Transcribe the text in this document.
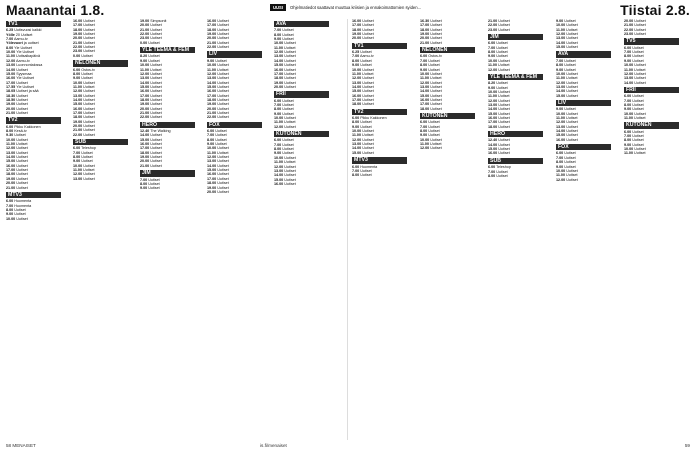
Maanantai 1.8.	UUSI	Ohjelmatiedot saattavat muuttua kriisien ja ennakoimattomien syiden...	Tiistai 2.8.
TV1
6.25 Uutisvuosi kaikki
Yölle 20 Uutiset
7.00 Aamu-tv
Yölevuori ja uutiset
8.00 Yle Uutiset
10.00 Yle Uutiset
11.00 Uutisaikapäivä
12.00 Aamu-tv
13.00 Luonnontalossa
14.00 Uutiset
15.00 Syysmaa
16.00 Yle Uutiset
17.00 Uutiset
17.55 Yle Uutiset
18.05 Uutiset ja sää
18.30 Uutiset
18.50 Uutiset
19.00 Uutiset
20.00 Uutiset
21.00 Uutiset
TV2
6.00 Pikku Kakkonen
8.00 Kesä-tv
9.30 Uutiset
10.00 Uutiset
11.00 Uutiset
12.00 Uutiset
13.00 Uutiset
14.00 Uutiset
15.00 Uutiset
16.00 Uutiset
17.00 Uutiset
18.00 Uutiset
19.00 Uutiset
20.00 Uutiset
21.00 Uutiset
MTV3
6.00 Huomenta
7.00 Huomenta
8.00 Uutiset
9.00 Uutiset
10.00 Uutiset
16.00 Uutiset
17.00 Uutiset
18.00 Uutiset
19.00 Uutiset
20.00 Uutiset
21.00 Uutiset
22.00 Uutiset
23.00 Uutiset
0.00 Uutiset
NELONEN
6.00 Ostos-tv
8.00 Uutiset
9.00 Uutiset
10.00 Uutiset
11.00 Uutiset
12.00 Uutiset
13.00 Uutiset
14.00 Uutiset
15.00 Uutiset
16.00 Uutiset
17.00 Uutiset
18.00 Uutiset
19.00 Uutiset
20.00 Uutiset
21.00 Uutiset
22.00 Uutiset
SUB
6.00 Teleshop
7.00 Uutiset
8.00 Uutiset
9.00 Uutiset
10.00 Uutiset
11.00 Uutiset
12.00 Uutiset
13.00 Uutiset
19.00 Simpsonit
20.00 Uutiset
21.00 Uutiset
22.00 Uutiset
23.00 Uutiset
0.00 Uutiset
YLE TEEMA & FEM
8.20 Uutiset
9.00 Uutiset
10.00 Uutiset
11.00 Uutiset
12.00 Uutiset
13.00 Uutiset
14.00 Uutiset
15.00 Uutiset
16.00 Uutiset
17.00 Uutiset
18.00 Uutiset
19.00 Uutiset
20.00 Uutiset
21.00 Uutiset
22.00 Uutiset
HERO
12.40 The Walking
14.00 Uutiset
15.00 Uutiset
16.00 Uutiset
17.00 Uutiset
18.00 Uutiset
19.00 Uutiset
20.00 Uutiset
21.00 Uutiset
JIM
7.00 Uutiset
8.00 Uutiset
9.00 Uutiset
16.00 Uutiset
17.00 Uutiset
18.00 Uutiset
19.00 Uutiset
20.00 Uutiset
21.00 Uutiset
22.00 Uutiset
LIV
9.00 Uutiset
10.00 Uutiset
11.00 Uutiset
12.00 Uutiset
13.00 Uutiset
14.00 Uutiset
15.00 Uutiset
16.00 Uutiset
17.00 Uutiset
18.00 Uutiset
19.00 Uutiset
20.00 Uutiset
21.00 Uutiset
22.00 Uutiset
FOX
6.00 Uutiset
7.00 Uutiset
8.00 Uutiset
9.00 Uutiset
10.00 Uutiset
11.00 Uutiset
12.00 Uutiset
13.00 Uutiset
14.00 Uutiset
15.00 Uutiset
16.00 Uutiset
17.00 Uutiset
18.00 Uutiset
19.00 Uutiset
20.00 Uutiset
AVA
7.00 Uutiset
8.00 Uutiset
9.00 Uutiset
10.00 Uutiset
11.00 Uutiset
12.00 Uutiset
13.00 Uutiset
14.00 Uutiset
15.00 Uutiset
16.00 Uutiset
17.00 Uutiset
18.00 Uutiset
19.00 Uutiset
20.00 Uutiset
FRII
6.00 Uutiset
7.00 Uutiset
8.00 Uutiset
9.00 Uutiset
10.00 Uutiset
11.00 Uutiset
12.00 Uutiset
KUTONEN
6.00 Uutiset
7.00 Uutiset
8.00 Uutiset
9.00 Uutiset
10.00 Uutiset
11.00 Uutiset
12.00 Uutiset
13.00 Uutiset
14.00 Uutiset
15.00 Uutiset
16.00 Uutiset
16.00 Uutiset
17.00 Uutiset
18.00 Uutiset
19.00 Uutiset
20.00 Uutiset
TV1
6.25 Uutiset
7.00 Aamu-tv
8.00 Uutiset
9.00 Uutiset
10.00 Uutiset
11.00 Uutiset
12.00 Uutiset
13.00 Uutiset
14.00 Uutiset
15.00 Uutiset
16.00 Uutiset
17.00 Uutiset
18.00 Uutiset
TV2
6.00 Pikku Kakkonen
8.00 Uutiset
9.00 Uutiset
10.00 Uutiset
11.00 Uutiset
12.00 Uutiset
13.00 Uutiset
14.00 Uutiset
15.00 Uutiset
MTV3
6.00 Huomenta
7.00 Uutiset
8.00 Uutiset
16.30 Uutiset
17.00 Uutiset
18.00 Uutiset
19.00 Uutiset
20.00 Uutiset
21.00 Uutiset
NELONEN
6.00 Ostos-tv
7.00 Uutiset
8.00 Uutiset
9.00 Uutiset
10.00 Uutiset
11.00 Uutiset
12.00 Uutiset
13.00 Uutiset
14.00 Uutiset
15.00 Uutiset
16.00 Uutiset
17.00 Uutiset
18.00 Uutiset
KUTONEN
6.00 Uutiset
7.00 Uutiset
8.00 Uutiset
9.00 Uutiset
10.00 Uutiset
11.00 Uutiset
12.00 Uutiset
21.00 Uutiset
22.00 Uutiset
23.00 Uutiset
JIM
6.00 Uutiset
7.00 Uutiset
8.00 Uutiset
9.00 Uutiset
10.00 Uutiset
11.00 Uutiset
12.00 Uutiset
YLE TEEMA & FEM
8.20 Uutiset
9.00 Uutiset
10.00 Uutiset
11.00 Uutiset
12.00 Uutiset
13.00 Uutiset
14.00 Uutiset
15.00 Uutiset
16.00 Uutiset
17.00 Uutiset
18.00 Uutiset
HERO
12.40 Uutiset
14.00 Uutiset
15.00 Uutiset
16.00 Uutiset
SUB
6.00 Teleshop
7.00 Uutiset
8.00 Uutiset
9.00 Uutiset
10.00 Uutiset
11.00 Uutiset
12.00 Uutiset
13.00 Uutiset
14.00 Uutiset
15.00 Uutiset
AVA
7.00 Uutiset
8.00 Uutiset
9.00 Uutiset
10.00 Uutiset
11.00 Uutiset
12.00 Uutiset
13.00 Uutiset
14.00 Uutiset
15.00 Uutiset
LIV
9.00 Uutiset
10.00 Uutiset
11.00 Uutiset
12.00 Uutiset
13.00 Uutiset
14.00 Uutiset
15.00 Uutiset
16.00 Uutiset
FOX
6.00 Uutiset
7.00 Uutiset
8.00 Uutiset
9.00 Uutiset
10.00 Uutiset
11.00 Uutiset
12.00 Uutiset
20.00 Uutiset
21.00 Uutiset
22.00 Uutiset
23.00 Uutiset
TV5
6.00 Uutiset
7.00 Uutiset
8.00 Uutiset
9.00 Uutiset
10.00 Uutiset
11.00 Uutiset
12.00 Uutiset
13.00 Uutiset
14.00 Uutiset
FRII
6.00 Uutiset
7.00 Uutiset
8.00 Uutiset
9.00 Uutiset
10.00 Uutiset
11.00 Uutiset
KUTONEN
6.00 Uutiset
7.00 Uutiset
8.00 Uutiset
9.00 Uutiset
10.00 Uutiset
11.00 Uutiset
58 MENAISET	is.fi/menaiset	59
